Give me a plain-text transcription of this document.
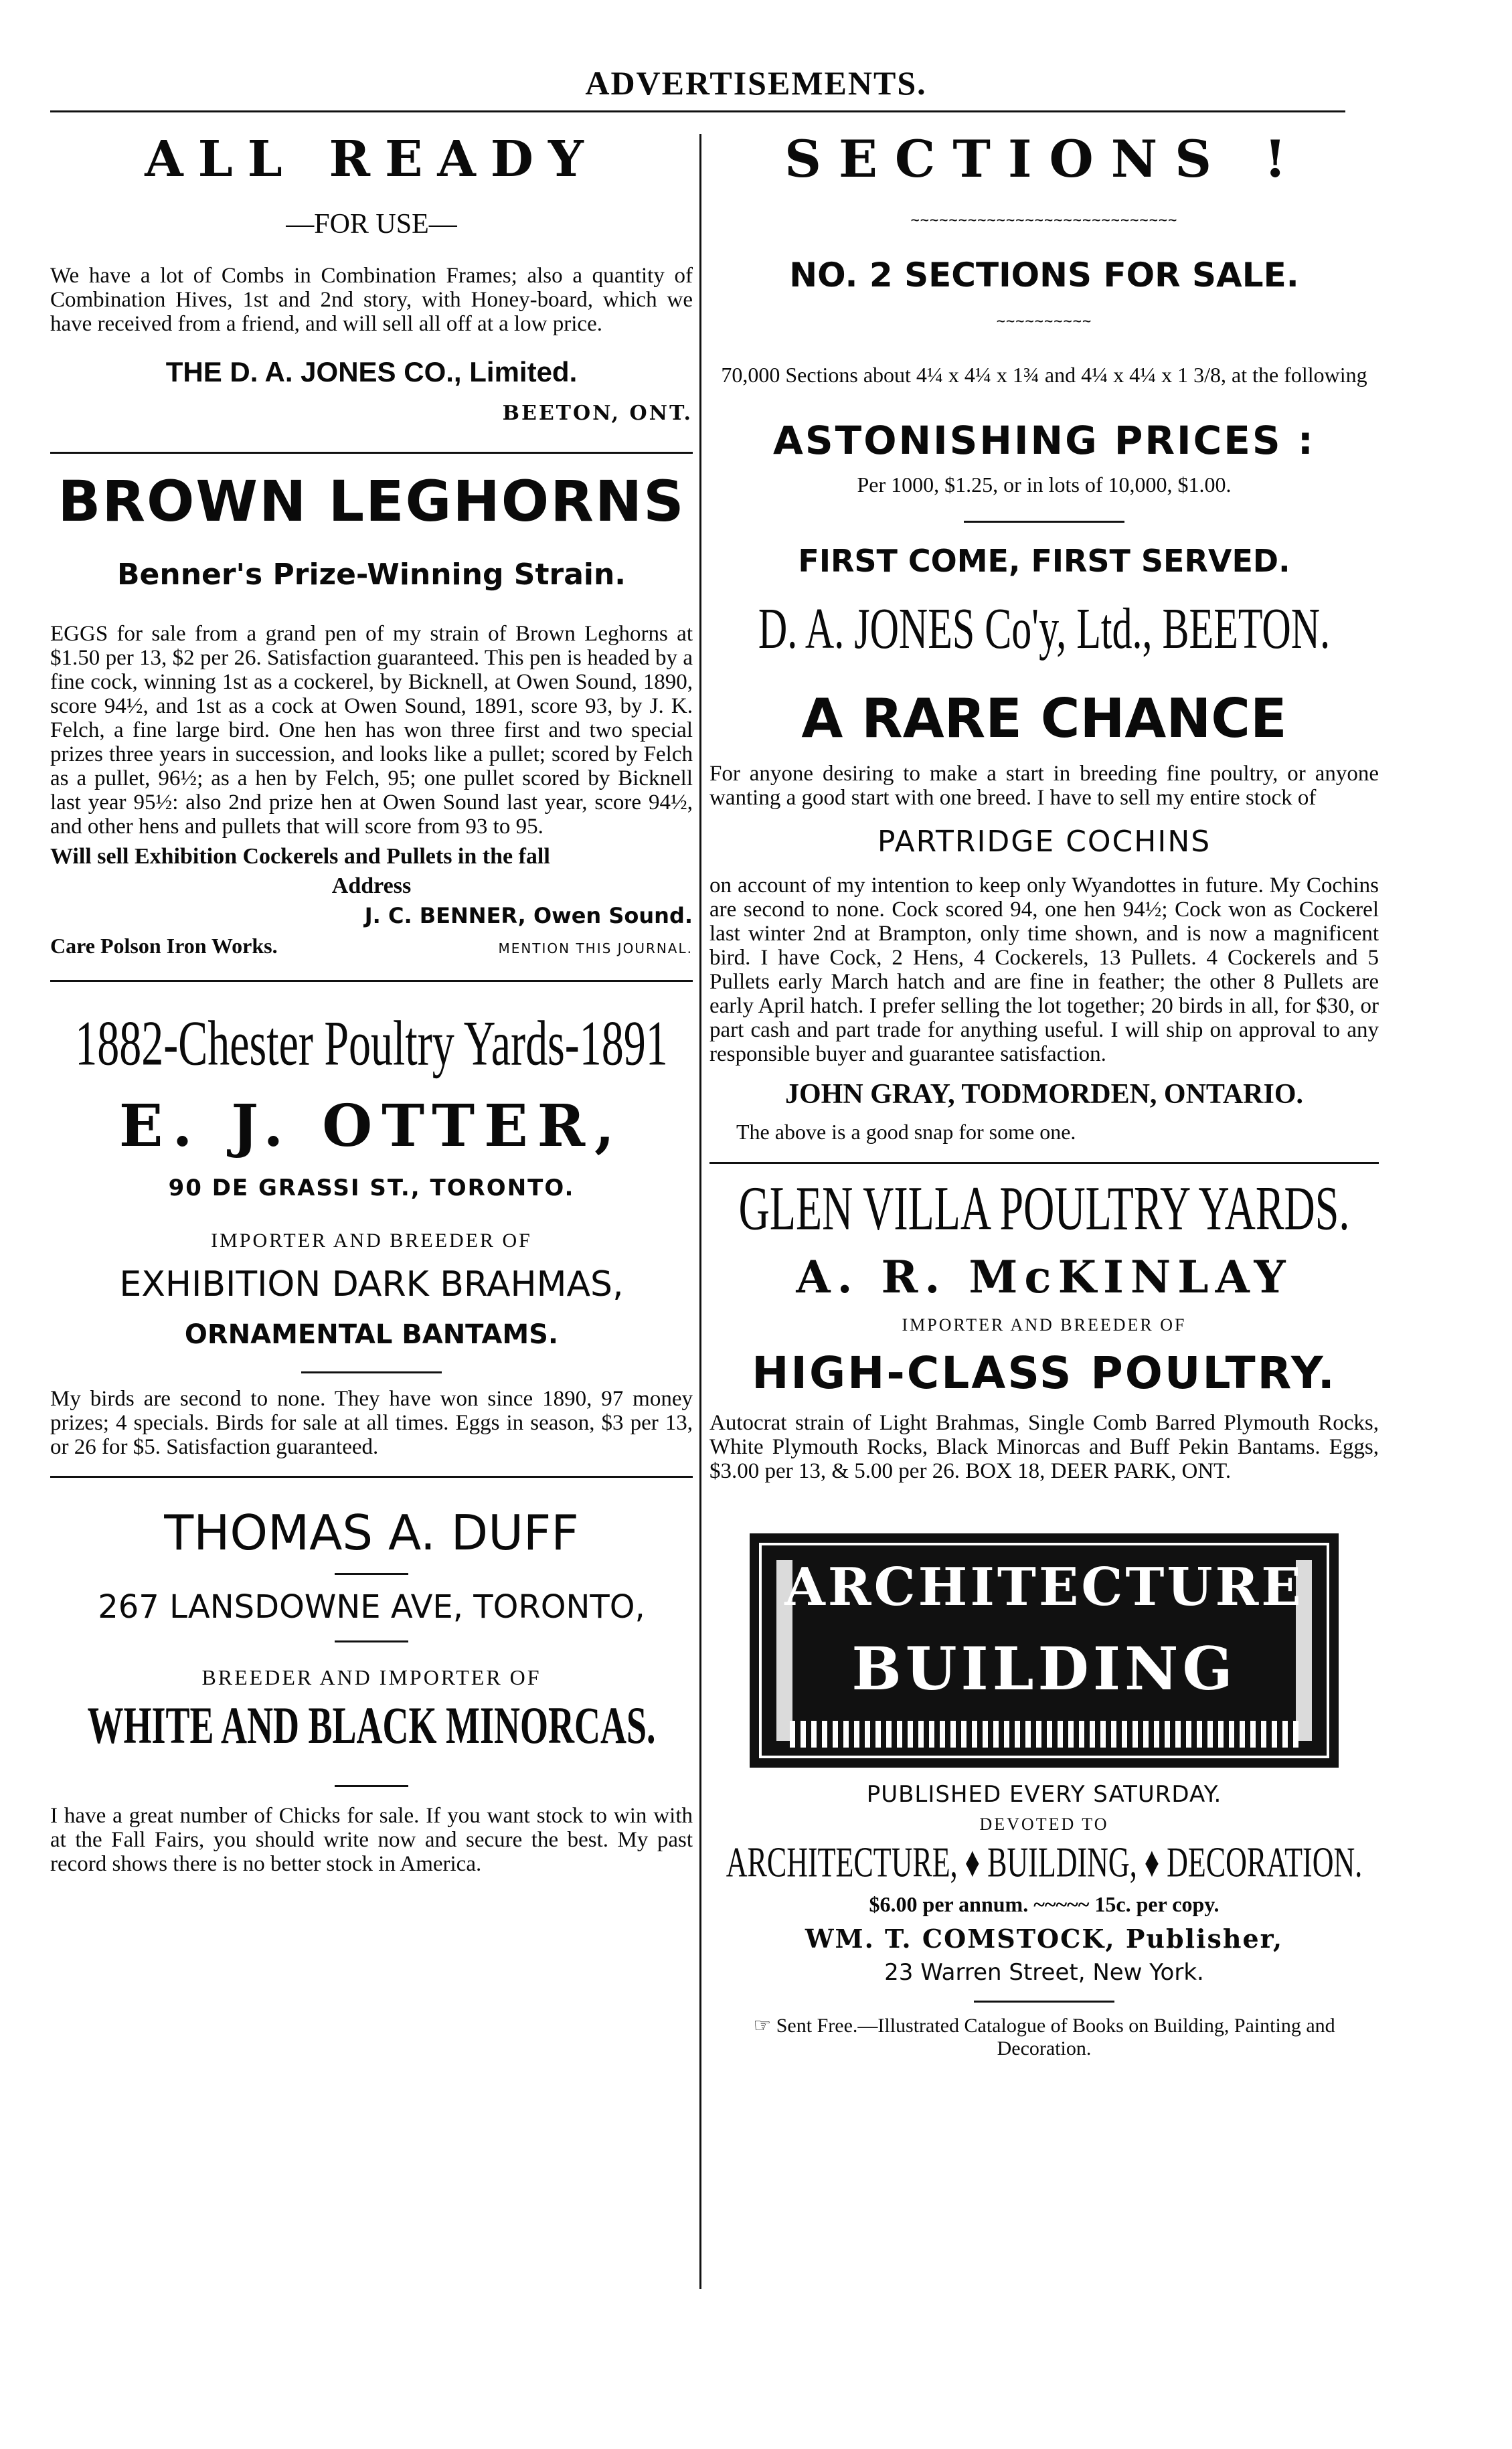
ADVERTISEMENTS.
ALL READY
—FOR USE—
We have a lot of Combs in Combination Frames; also a quantity of Combination Hives, 1st and 2nd story, with Honey-board, which we have received from a friend, and will sell all off at a low price.
THE D. A. JONES CO., Limited.
BEETON, ONT.
BROWN LEGHORNS
Benner's Prize-Winning Strain.
EGGS for sale from a grand pen of my strain of Brown Leghorns at $1.50 per 13, $2 per 26. Satisfaction guaranteed. This pen is headed by a fine cock, winning 1st as a cockerel, by Bicknell, at Owen Sound, 1890, score 94½, and 1st as a cock at Owen Sound, 1891, score 93, by J. K. Felch, a fine large bird. One hen has won three first and two special prizes three years in succession, and looks like a pullet; scored by Felch as a pullet, 96½; as a hen by Felch, 95; one pullet scored by Bicknell last year 95½: also 2nd prize hen at Owen Sound last year, score 94½, and other hens and pullets that will score from 93 to 95.
Will sell Exhibition Cockerels and Pullets in the fall
Address
J. C. BENNER, Owen Sound.
Care Polson Iron Works.	MENTION THIS JOURNAL.
1882-Chester Poultry Yards-1891
E. J. OTTER,
90 DE GRASSI ST., TORONTO.
IMPORTER AND BREEDER OF
EXHIBITION DARK BRAHMAS,
ORNAMENTAL BANTAMS.
My birds are second to none. They have won since 1890, 97 money prizes; 4 specials. Birds for sale at all times. Eggs in season, $3 per 13, or 26 for $5. Satisfaction guaranteed.
THOMAS A. DUFF
267 LANSDOWNE AVE, TORONTO,
BREEDER AND IMPORTER OF
WHITE AND BLACK MINORCAS.
I have a great number of Chicks for sale. If you want stock to win with at the Fall Fairs, you should write now and secure the best. My past record shows there is no better stock in America.
SECTIONS !
~~~~~~~~~~~~~~~~~~~~~~~~~~~~
NO. 2 SECTIONS FOR SALE.
~~~~~~~~~~
70,000 Sections about 4¼ x 4¼ x 1¾ and 4¼ x 4¼ x 1 3/8, at the following
ASTONISHING PRICES :
Per 1000, $1.25, or in lots of 10,000, $1.00.
FIRST COME, FIRST SERVED.
D. A. JONES Co'y, Ltd., BEETON.
A RARE CHANCE
For anyone desiring to make a start in breeding fine poultry, or anyone wanting a good start with one breed. I have to sell my entire stock of
PARTRIDGE COCHINS
on account of my intention to keep only Wyandottes in future. My Cochins are second to none. Cock scored 94, one hen 94½; Cock won as Cockerel last winter 2nd at Brampton, only time shown, and is now a magnificent bird. I have Cock, 2 Hens, 4 Cockerels, 13 Pullets. 4 Cockerels and 5 Pullets early March hatch and are fine in feather; the other 8 Pullets are early April hatch. I prefer selling the lot together; 20 birds in all, for $30, or part cash and part trade for anything useful. I will ship on approval to any responsible buyer and guarantee satisfaction.
JOHN GRAY, TODMORDEN, ONTARIO.
The above is a good snap for some one.
GLEN VILLA POULTRY YARDS.
A. R. McKINLAY
IMPORTER AND BREEDER OF
HIGH-CLASS POULTRY.
Autocrat strain of Light Brahmas, Single Comb Barred Plymouth Rocks, White Plymouth Rocks, Black Minorcas and Buff Pekin Bantams. Eggs, $3.00 per 13, & 5.00 per 26. BOX 18, DEER PARK, ONT.
ARCHITECTURE
BUILDING
PUBLISHED EVERY SATURDAY.
DEVOTED TO
ARCHITECTURE, ♦ BUILDING, ♦ DECORATION.
$6.00 per annum. ~~~~~ 15c. per copy.
WM. T. COMSTOCK, Publisher,
23 Warren Street, New York.
☞ Sent Free.—Illustrated Catalogue of Books on Building, Painting and Decoration.
